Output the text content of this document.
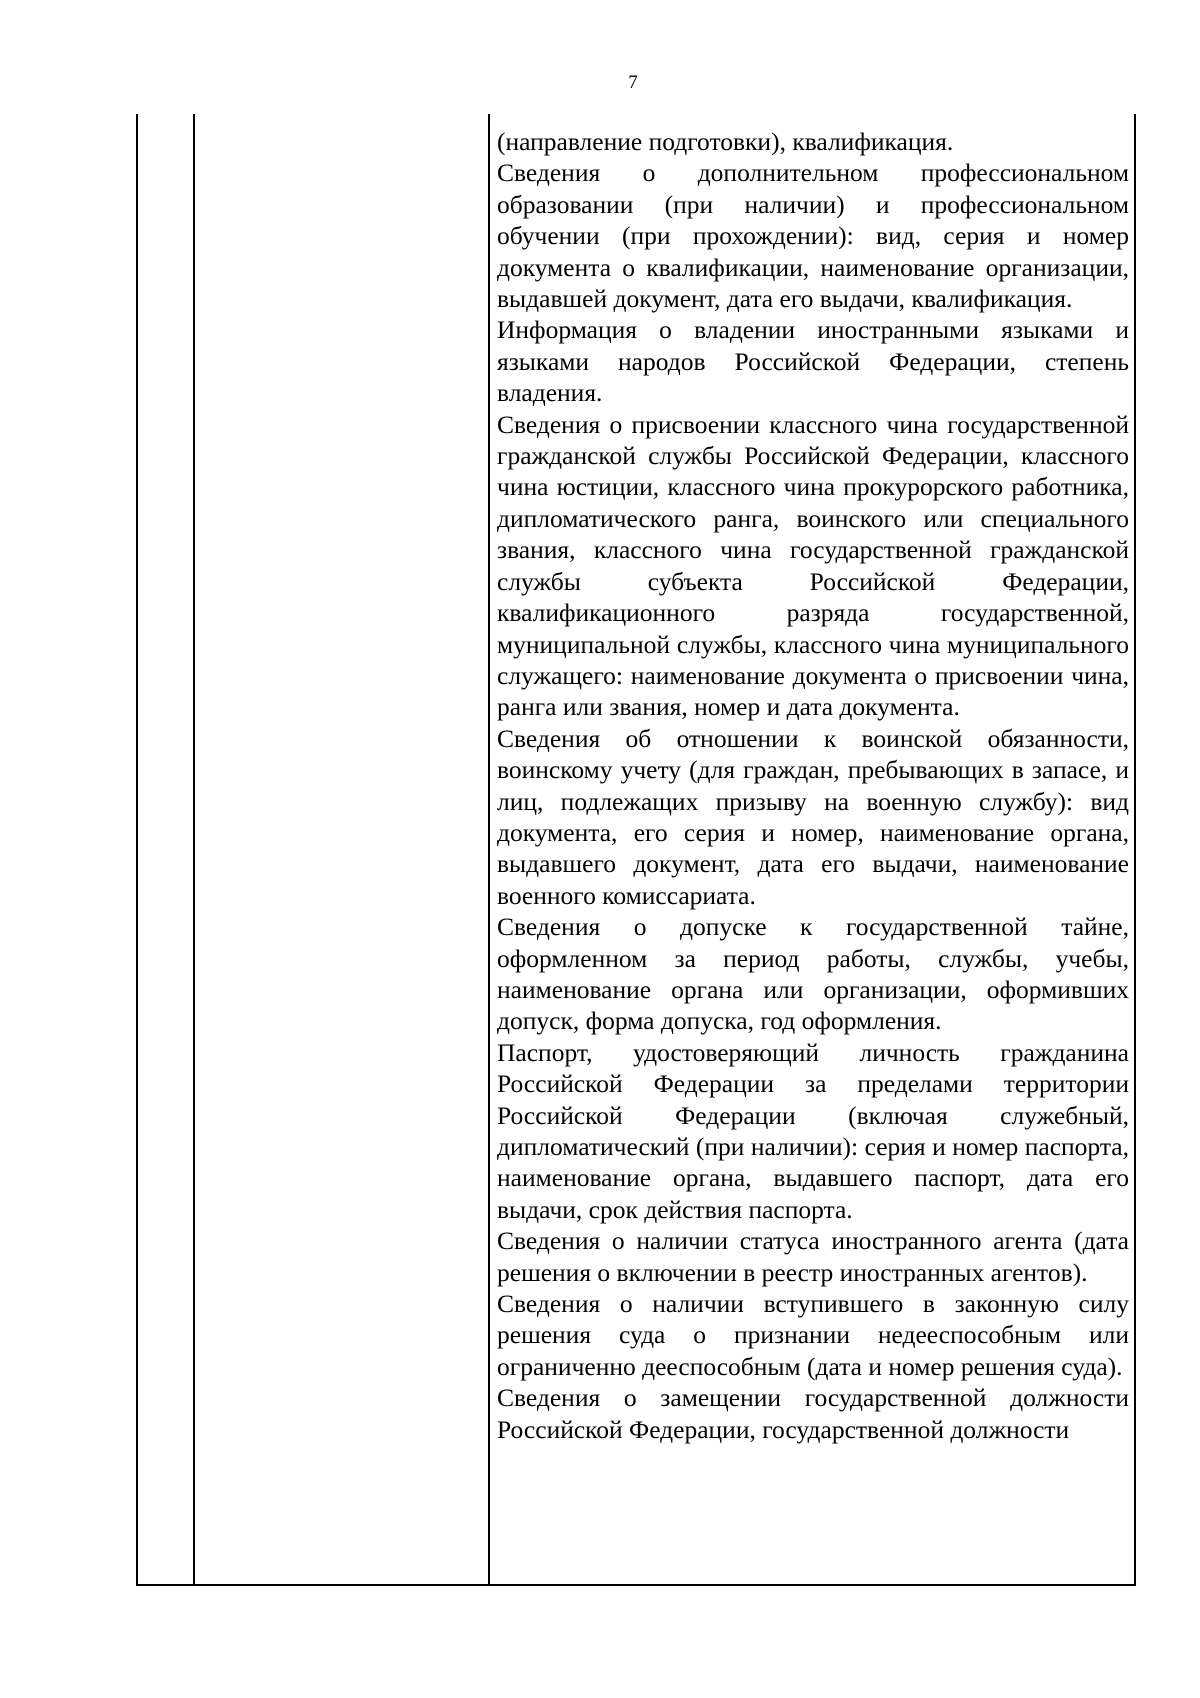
7

(направление подготовки), квалификация.

Сведения о дополнительном профессиональном образовании (при наличии) и профессиональном обучении (при прохождении): вид, серия и номер документа о квалификации, наименование организации, выдавшей документ, дата его выдачи, квалификация.

Информация о владении иностранными языками и языками народов Российской Федерации, степень владения.

Сведения о присвоении классного чина государственной гражданской службы Российской Федерации, классного чина юстиции, классного чина прокурорского работника, дипломатического ранга, воинского или специального звания, классного чина государственной гражданской службы субъекта Российской Федерации, квалификационного разряда государственной, муниципальной службы, классного чина муниципального служащего: наименование документа о присвоении чина, ранга или звания, номер и дата документа.

Сведения об отношении к воинской обязанности, воинскому учету (для граждан, пребывающих в запасе, и лиц, подлежащих призыву на военную службу): вид документа, его серия и номер, наименование органа, выдавшего документ, дата его выдачи, наименование военного комиссариата.

Сведения о допуске к государственной тайне, оформленном за период работы, службы, учебы, наименование органа или организации, оформивших допуск, форма допуска, год оформления.

Паспорт, удостоверяющий личность гражданина Российской Федерации за пределами территории Российской Федерации (включая служебный, дипломатический (при наличии): серия и номер паспорта, наименование органа, выдавшего паспорт, дата его выдачи, срок действия паспорта.

Сведения о наличии статуса иностранного агента (дата решения о включении в реестр иностранных агентов).

Сведения о наличии вступившего в законную силу решения суда о признании недееспособным или ограниченно дееспособным (дата и номер решения суда).

Сведения о замещении государственной должности Российской Федерации, государственной должности
